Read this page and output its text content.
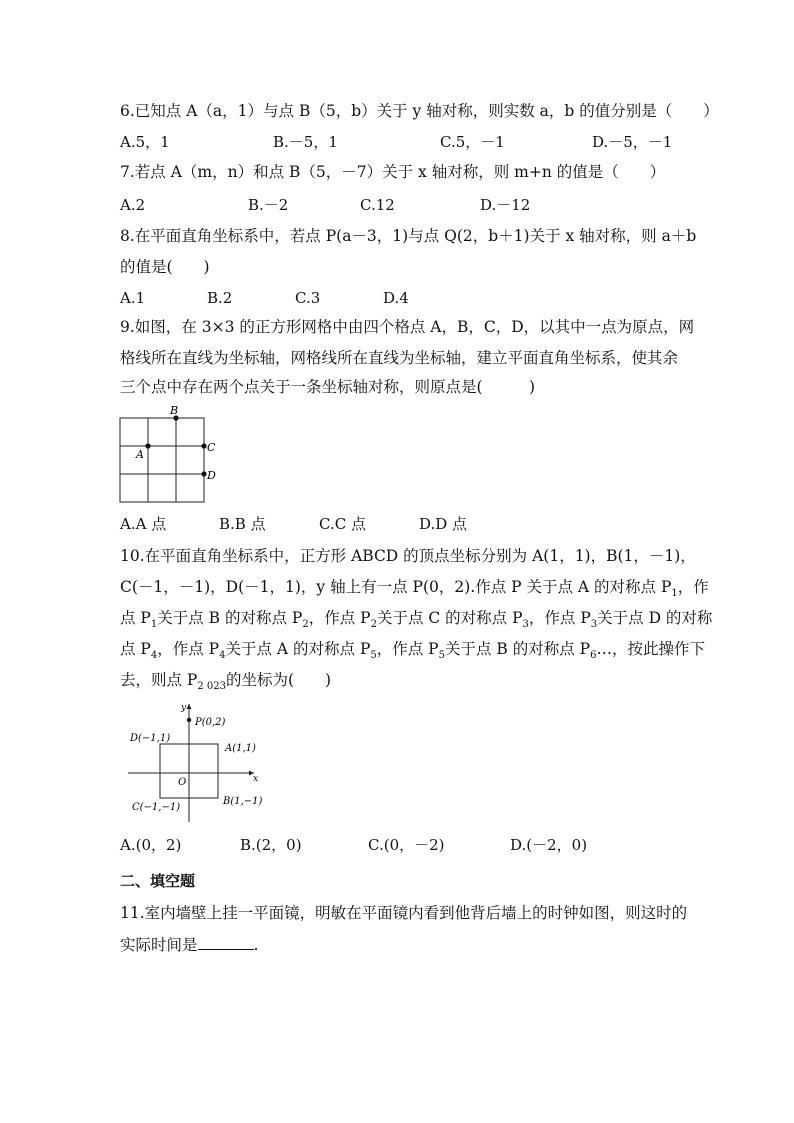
6.已知点 A（a，1）与点 B（5，b）关于 y 轴对称，则实数 a，b 的值分别是（　　）
A.5，1	B.－5，1	C.5，－1	D.－5，－1
7.若点 A（m，n）和点 B（5，－7）关于 x 轴对称，则 m+n 的值是（　　）
A.2	B.－2	C.12	D.－12
8.在平面直角坐标系中，若点 P(a－3，1)与点 Q(2，b＋1)关于 x 轴对称，则 a＋b
的值是(　　)
A.1	B.2	C.3	D.4
9.如图，在 3×3 的正方形网格中由四个格点 A，B，C，D，以其中一点为原点，网
格线所在直线为坐标轴，网格线所在直线为坐标轴，建立平面直角坐标系，使其余
三个点中存在两个点关于一条坐标轴对称，则原点是(　　　)
B
A
C
D
A.A 点	B.B 点	C.C 点	D.D 点
10.在平面直角坐标系中，正方形 ABCD 的顶点坐标分别为 A(1，1)，B(1，－1)，
C(－1，－1)，D(－1，1)，y 轴上有一点 P(0，2).作点 P 关于点 A 的对称点 $P_1$，作
点 $P_1$关于点 B 的对称点 $P_2$，作点 $P_2$关于点 C 的对称点 $P_3$，作点 $P_3$关于点 D 的对称
点 $P_4$，作点 $P_4$关于点 A 的对称点 $P_5$，作点 $P_5$关于点 B 的对称点 $P_6\dots$，按此操作下
去，则点 $P_{2 023}$的坐标为(　　)
y
x
O
P(0,2)
A(1,1)
D(−1,1)
C(−1,−1)
B(1,−1)
A.(0，2)	B.(2，0)	C.(0，－2)	D.(－2，0)
二、填空题
11.室内墙壁上挂一平面镜，明敏在平面镜内看到他背后墙上的时钟如图，则这时的
实际时间是	.
